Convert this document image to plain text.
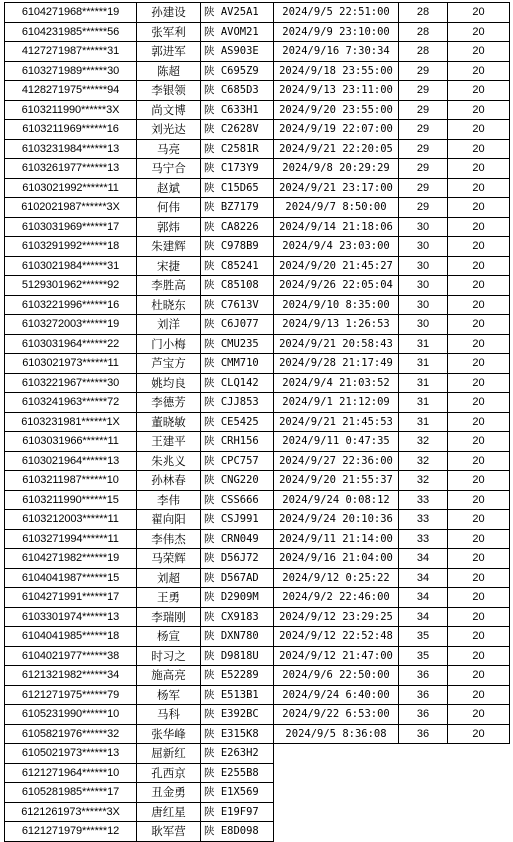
6104271968******19	孙建设	陕 AV25A1	2024/9/5 22:51:00	28	20
6104231985******56	张军利	陕 AVOM21	2024/9/9 23:10:00	28	20
4127271987******31	郭进军	陕 AS903E	2024/9/16 7:30:34	28	20
6103271989******30	陈超	陕 C695Z9	2024/9/18 23:55:00	29	20
4128271975******94	李银领	陕 C685D3	2024/9/13 23:11:00	29	20
6103211990******3X	尚文博	陕 C633H1	2024/9/20 23:55:00	29	20
6103211969******16	刘光达	陕 C2628V	2024/9/19 22:07:00	29	20
6103231984******13	马亮	陕 C2581R	2024/9/21 22:20:05	29	20
6103261977******13	马宁合	陕 C173Y9	2024/9/8 20:29:29	29	20
6103021992******11	赵斌	陕 C15D65	2024/9/21 23:17:00	29	20
6102021987******3X	何伟	陕 BZ7179	2024/9/7 8:50:00	29	20
6103031969******17	郭炜	陕 CA8226	2024/9/14 21:18:06	30	20
6103291992******18	朱建辉	陕 C978B9	2024/9/4 23:03:00	30	20
6103021984******31	宋捷	陕 C85241	2024/9/20 21:45:27	30	20
5129301962******92	李胜高	陕 C85108	2024/9/26 22:05:04	30	20
6103221996******16	杜晓东	陕 C7613V	2024/9/10 8:35:00	30	20
6103272003******19	刘洋	陕 C6J077	2024/9/13 1:26:53	30	20
6103031964******22	门小梅	陕 CMU235	2024/9/21 20:58:43	31	20
6103021973******11	芦宝方	陕 CMM710	2024/9/28 21:17:49	31	20
6103221967******30	姚均良	陕 CLQ142	2024/9/4 21:03:52	31	20
6103241963******72	李德芳	陕 CJJ853	2024/9/1 21:12:09	31	20
6103231981******1X	董晓敏	陕 CE5425	2024/9/21 21:45:53	31	20
6103031966******11	王建平	陕 CRH156	2024/9/11 0:47:35	32	20
6103021964******13	朱兆义	陕 CPC757	2024/9/27 22:36:00	32	20
6103211987******10	孙林春	陕 CNG220	2024/9/20 21:55:37	32	20
6103211990******15	李伟	陕 CSS666	2024/9/24 0:08:12	33	20
6103212003******11	翟向阳	陕 CSJ991	2024/9/24 20:10:36	33	20
6103271994******11	李伟杰	陕 CRN049	2024/9/11 21:14:00	33	20
6104271982******19	马荣辉	陕 D56J72	2024/9/16 21:04:00	34	20
6104041987******15	刘超	陕 D567AD	2024/9/12 0:25:22	34	20
6104271991******17	王勇	陕 D2909M	2024/9/2 22:46:00	34	20
6103301974******13	李瑞刚	陕 CX9183	2024/9/12 23:29:25	34	20
6104041985******18	杨宣	陕 DXN780	2024/9/12 22:52:48	35	20
6104021977******38	时习之	陕 D9818U	2024/9/12 21:47:00	35	20
6121321982******34	施高亮	陕 E52289	2024/9/6 22:50:00	36	20
6121271975******79	杨军	陕 E513B1	2024/9/24 6:40:00	36	20
6105231990******10	马科	陕 E392BC	2024/9/22 6:53:00	36	20
6105821976******32	张华峰	陕 E315K8	2024/9/5 8:36:08	36	20
6105021973******13	屈新红	陕 E263H2			
6121271964******10	孔西京	陕 E255B8			
6105281985******17	丑金勇	陕 E1X569			
6121261973******3X	唐红星	陕 E19F97			
6121271979******12	耿军营	陕 E8D098			
